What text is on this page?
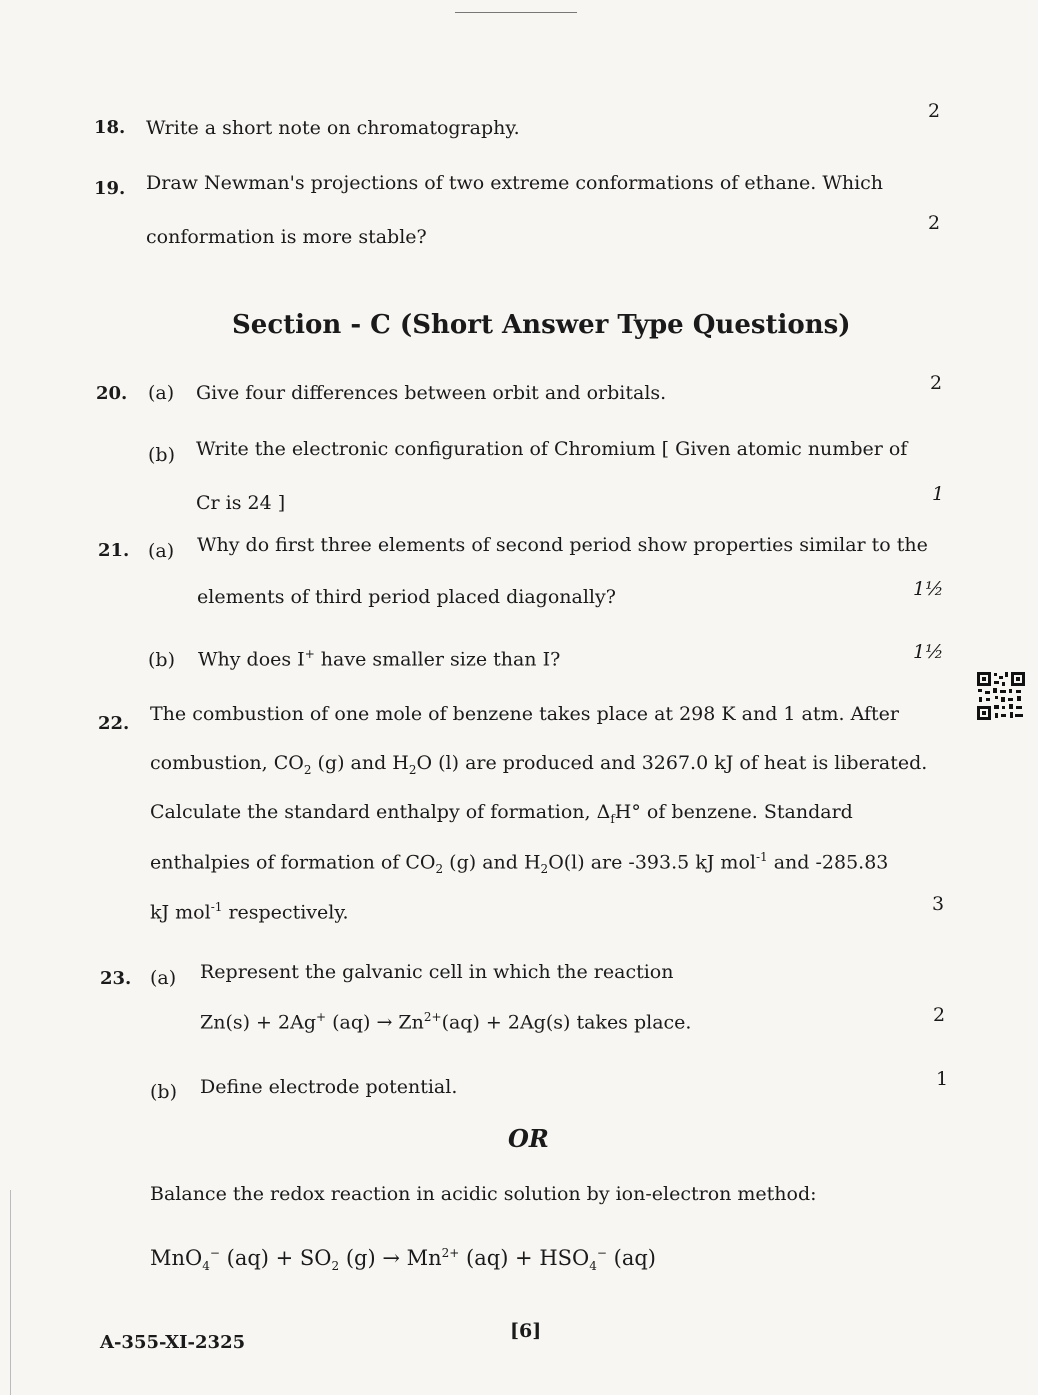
18. Write a short note on chromatography.
2
19. Draw Newman's projections of two extreme conformations of ethane. Which
conformation is more stable?
2
Section - C (Short Answer Type Questions)
20. (a) Give four differences between orbit and orbitals.	2
(b) Write the electronic configuration of Chromium [ Given atomic number of
Cr is 24 ]	1
21. (a) Why do first three elements of second period show properties similar to the
elements of third period placed diagonally?	1½
(b) Why does I+ have smaller size than I?	1½
22. The combustion of one mole of benzene takes place at 298 K and 1 atm. After
combustion, $CO_2$ (g) and $H_2O$ (l) are produced and 3267.0 kJ of heat is liberated.
Calculate the standard enthalpy of formation, $\Delta_fH^\circ$ of benzene. Standard
enthalpies of formation of $CO_2$ (g) and $H_2O(l)$ are -393.5 kJ mol$^{-1}$ and -285.83
kJ mol$^{-1}$ respectively.	3
23. (a) Represent the galvanic cell in which the reaction
Zn(s) + 2Ag+ $(aq) \to Zn^{2+}(aq) + 2Ag(s)$ takes place.	2
(b) Define electrode potential.	1
OR
Balance the redox reaction in acidic solution by ion-electron method:
MnO$_4$− $(aq) + SO_2$ $(g) \to Mn^{2+}$ $(aq) + HSO_4^-$ (aq)
A-355-XI-2325
[6]
